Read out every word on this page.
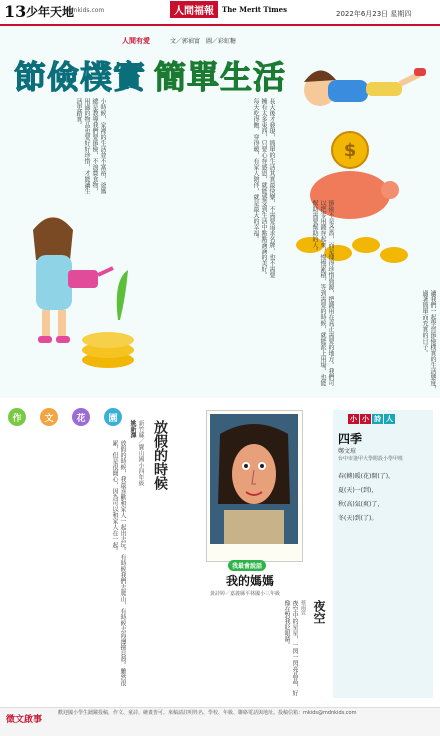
13 少年天地
mdnkids.com	人間福報	The Merit Times	2022年6月23日 星期四
人間有愛	文／郭禎甯　圖／彩虹糖
節儉樸實 簡單生活
$
小時候，家裡的生活並不富裕，爸媽總是教導我們要節儉，不浪費食物，用過的物品也要好好珍惜，才能讓生活更踏實。	長大後才發現，簡單的生活其實最快樂，不需要追求名牌，也不需要擁有太多東西，只要心存感恩，就能感受到生活中點點滴滴的美好。每天吃得飽、穿得暖，有家人陪伴，就是最大的幸福。
節儉不是吝嗇，而是懂得珍惜資源，把錢用在真正需要的地方。我們可以把零用錢存起來，慢慢累積，等到需要的時候，就能派上用場，也能幫助需要幫助的人。
讓我們一起學習節儉樸實的生活態度，過著簡單而充實的日子。
作	文	花	園
放假的時候
新竹縣／寶山國小四年級
姚新澤
放假的時候，我最喜歡和家人一起出去玩。有時候我們去爬山，有時候去海邊撿貝殼。雖然很累，但是很開心，因為可以和家人在一起。
我最會說話
我的媽媽
黃詩婷／嘉義縣平林國小三年級
夜空
蔡雨萱
夜空中的星星，一閃一閃亮晶晶，好像在對我眨眼睛。
小 小 詩 人
四季
鄭文瑄
台中市逢甲大學附設小學甲班
春(轉)暖(花)開(了)，
夏(天)一(到)，
秋(高)氣(爽)了，
冬(天)到(了)。
徵文啟事
歡迎國小學生踴躍投稿，作文、童詩、繪畫皆可。來稿請註明姓名、學校、年級、聯絡電話與地址。投稿信箱：mkids@mdnkids.com
